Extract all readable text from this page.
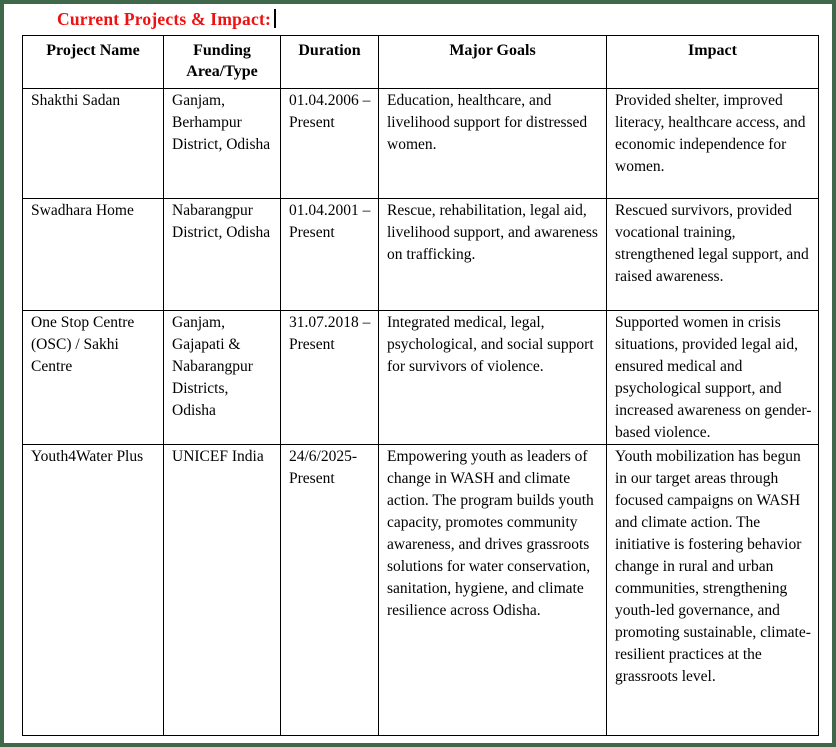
Current Projects & Impact:
Project Name	Funding Area/Type	Duration	Major Goals	Impact
Shakthi Sadan	Ganjam, Berhampur District, Odisha	01.04.2006 – Present	Education, healthcare, and livelihood support for distressed women.	Provided shelter, improved literacy, healthcare access, and economic independence for women.
Swadhara Home	Nabarangpur District, Odisha	01.04.2001 – Present	Rescue, rehabilitation, legal aid, livelihood support, and awareness on trafficking.	Rescued survivors, provided vocational training, strengthened legal support, and raised awareness.
One Stop Centre (OSC) / Sakhi Centre	Ganjam, Gajapati & Nabarangpur Districts, Odisha	31.07.2018 – Present	Integrated medical, legal, psychological, and social support for survivors of violence.	Supported women in crisis situations, provided legal aid, ensured medical and psychological support, and increased awareness on gender-based violence.
Youth4Water Plus	UNICEF India	24/6/2025- Present	Empowering youth as leaders of change in WASH and climate action. The program builds youth capacity, promotes community awareness, and drives grassroots solutions for water conservation, sanitation, hygiene, and climate resilience across Odisha.	Youth mobilization has begun in our target areas through focused campaigns on WASH and climate action. The initiative is fostering behavior change in rural and urban communities, strengthening youth-led governance, and promoting sustainable, climate-resilient practices at the grassroots level.
